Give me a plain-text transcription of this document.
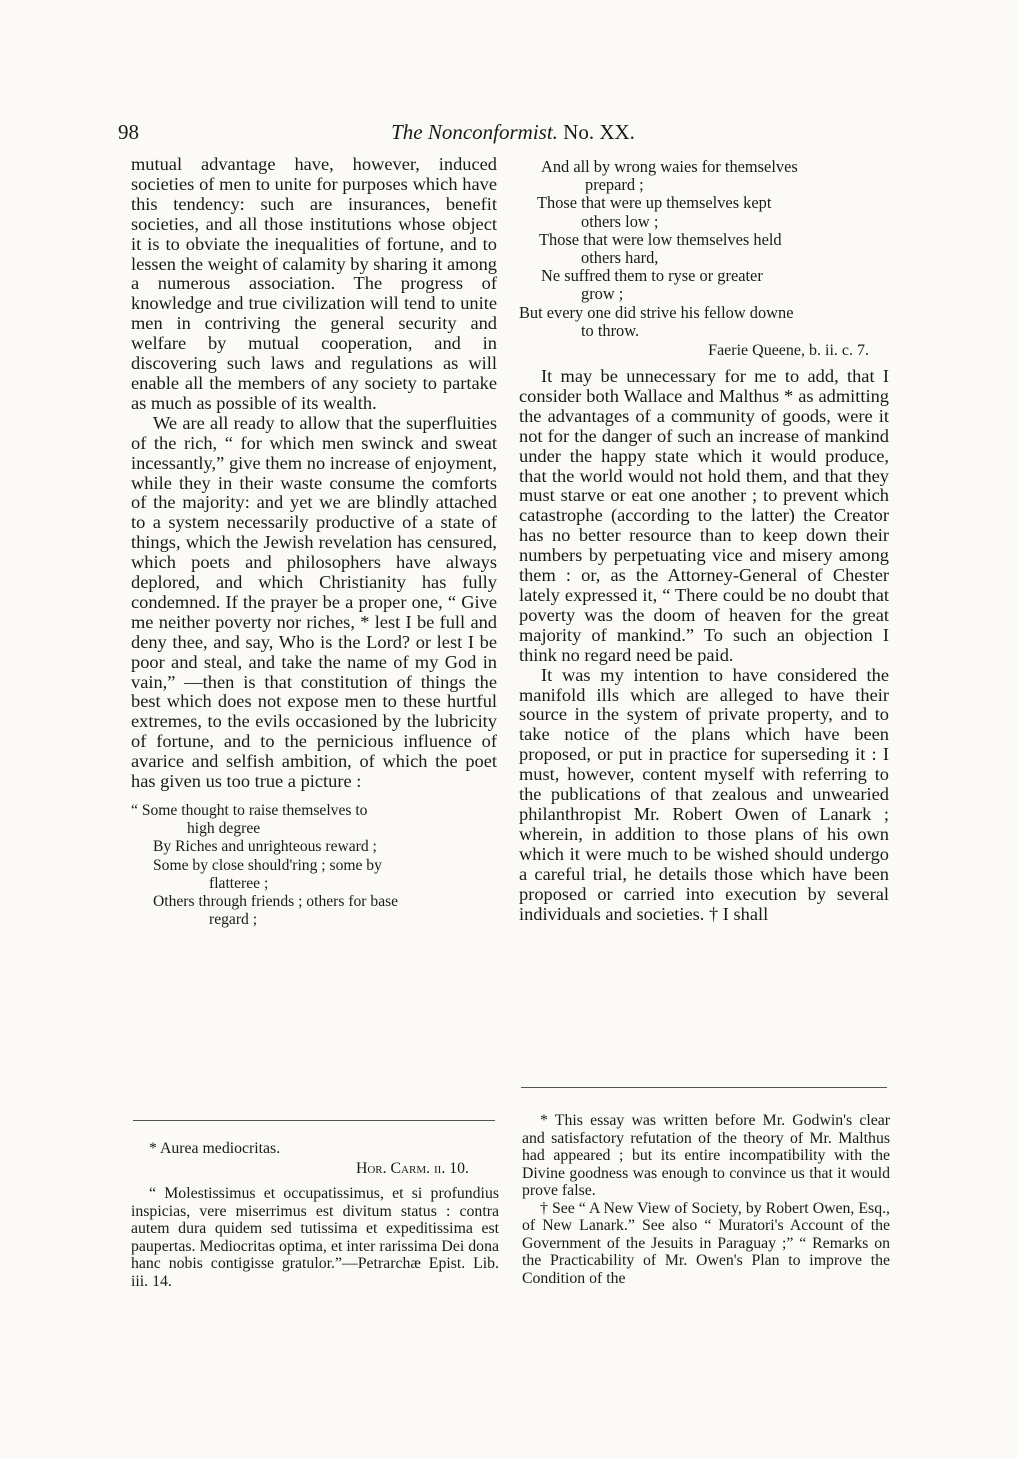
98	The Nonconformist. No. XX.

mutual advantage have, however, induced societies of men to unite for purposes which have this tendency: such are insurances, benefit societies, and all those institutions whose object it is to obviate the inequalities of fortune, and to lessen the weight of calamity by sharing it among a numerous association. The progress of knowledge and true civilization will tend to unite men in contriving the general security and welfare by mutual cooperation, and in discovering such laws and regulations as will enable all the members of any society to partake as much as possible of its wealth.

We are all ready to allow that the superfluities of the rich, “ for which men swinck and sweat incessantly,” give them no increase of enjoyment, while they in their waste consume the comforts of the majority: and yet we are blindly attached to a system necessarily productive of a state of things, which the Jewish revelation has censured, which poets and philosophers have always deplored, and which Christianity has fully condemned. If the prayer be a proper one, “ Give me neither poverty nor riches, * lest I be full and deny thee, and say, Who is the Lord? or lest I be poor and steal, and take the name of my God in vain,” —then is that constitution of things the best which does not expose men to these hurtful extremes, to the evils occasioned by the lubricity of fortune, and to the pernicious influence of avarice and selfish ambition, of which the poet has given us too true a picture :

“ Some thought to raise themselves to
high degree
By Riches and unrighteous reward ;
Some by close should'ring ; some by
flatteree ;
Others through friends ; others for base
regard ;
And all by wrong waies for themselves
prepard ;
Those that were up themselves kept
others low ;
Those that were low themselves held
others hard,
Ne suffred them to ryse or greater
grow ;
But every one did strive his fellow downe
to throw.
Faerie Queene, b. ii. c. 7.

It may be unnecessary for me to add, that I consider both Wallace and Malthus * as admitting the advantages of a community of goods, were it not for the danger of such an increase of mankind under the happy state which it would produce, that the world would not hold them, and that they must starve or eat one another ; to prevent which catastrophe (according to the latter) the Creator has no better resource than to keep down their numbers by perpetuating vice and misery among them : or, as the Attorney-General of Chester lately expressed it, “ There could be no doubt that poverty was the doom of heaven for the great majority of mankind.” To such an objection I think no regard need be paid.

It was my intention to have considered the manifold ills which are alleged to have their source in the system of private property, and to take notice of the plans which have been proposed, or put in practice for superseding it : I must, however, content myself with referring to the publications of that zealous and unwearied philanthropist Mr. Robert Owen of Lanark ; wherein, in addition to those plans of his own which it were much to be wished should undergo a careful trial, he details those which have been proposed or carried into execution by several individuals and societies. † I shall

* Aurea mediocritas.

Hor. Carm. ii. 10.

“ Molestissimus et occupatissimus, et si profundius inspicias, vere miserrimus est divitum status : contra autem dura quidem sed tutissima et expeditissima est paupertas. Mediocritas optima, et inter rarissima Dei dona hanc nobis contigisse gratulor.”—Petrarchæ Epist. Lib. iii. 14.

* This essay was written before Mr. Godwin's clear and satisfactory refutation of the theory of Mr. Malthus had appeared ; but its entire incompatibility with the Divine goodness was enough to convince us that it would prove false.

† See “ A New View of Society, by Robert Owen, Esq., of New Lanark.” See also “ Muratori's Account of the Government of the Jesuits in Paraguay ;” “ Remarks on the Practicability of Mr. Owen's Plan to improve the Condition of the
